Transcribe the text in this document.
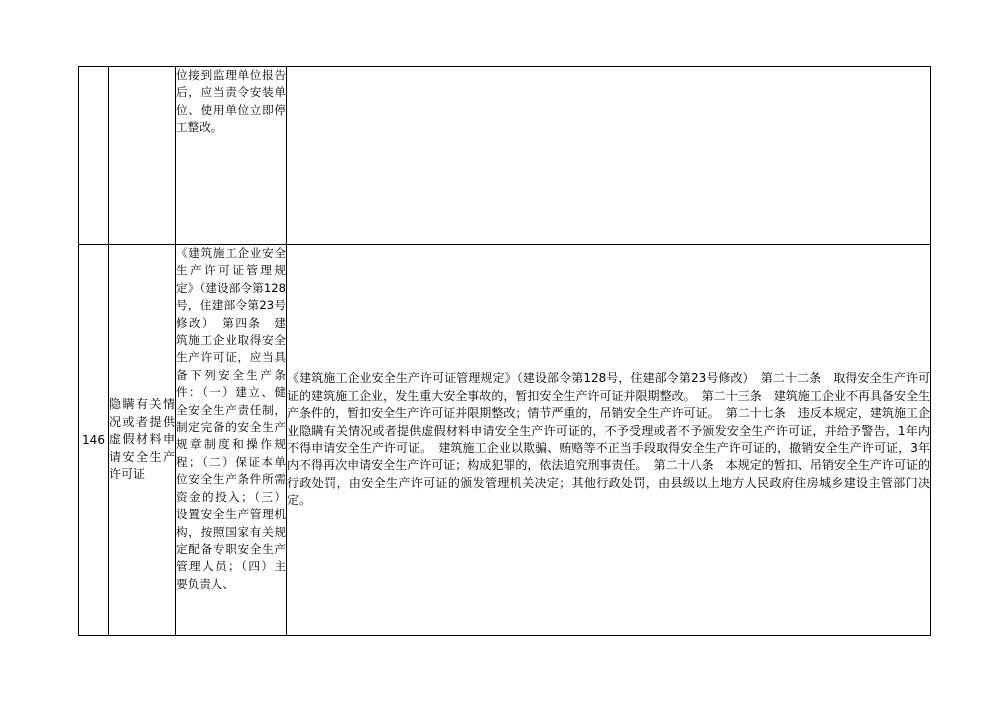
		位接到监理单位报告后，应当责令安装单位、使用单位立即停工整改。	
146	隐瞒有关情况或者提供虚假材料申请安全生产许可证	《建筑施工企业安全生产许可证管理规定》（建设部令第128号，住建部令第23号修改）　第四条　建筑施工企业取得安全生产许可证，应当具备下列安全生产条件：（一）建立、健全安全生产责任制，制定完备的安全生产规章制度和操作规程；（二）保证本单位安全生产条件所需资金的投入；（三）设置安全生产管理机构，按照国家有关规定配备专职安全生产管理人员；（四）主要负责人、	《建筑施工企业安全生产许可证管理规定》（建设部令第128号，住建部令第23号修改）　第二十二条　取得安全生产许可证的建筑施工企业，发生重大安全事故的，暂扣安全生产许可证并限期整改。　第二十三条　建筑施工企业不再具备安全生产条件的，暂扣安全生产许可证并限期整改；情节严重的，吊销安全生产许可证。　第二十七条　违反本规定，建筑施工企业隐瞒有关情况或者提供虚假材料申请安全生产许可证的，不予受理或者不予颁发安全生产许可证，并给予警告，1年内不得申请安全生产许可证。　建筑施工企业以欺骗、贿赂等不正当手段取得安全生产许可证的，撤销安全生产许可证，3年内不得再次申请安全生产许可证；构成犯罪的，依法追究刑事责任。　第二十八条　本规定的暂扣、吊销安全生产许可证的行政处罚，由安全生产许可证的颁发管理机关决定；其他行政处罚，由县级以上地方人民政府住房城乡建设主管部门决定。
